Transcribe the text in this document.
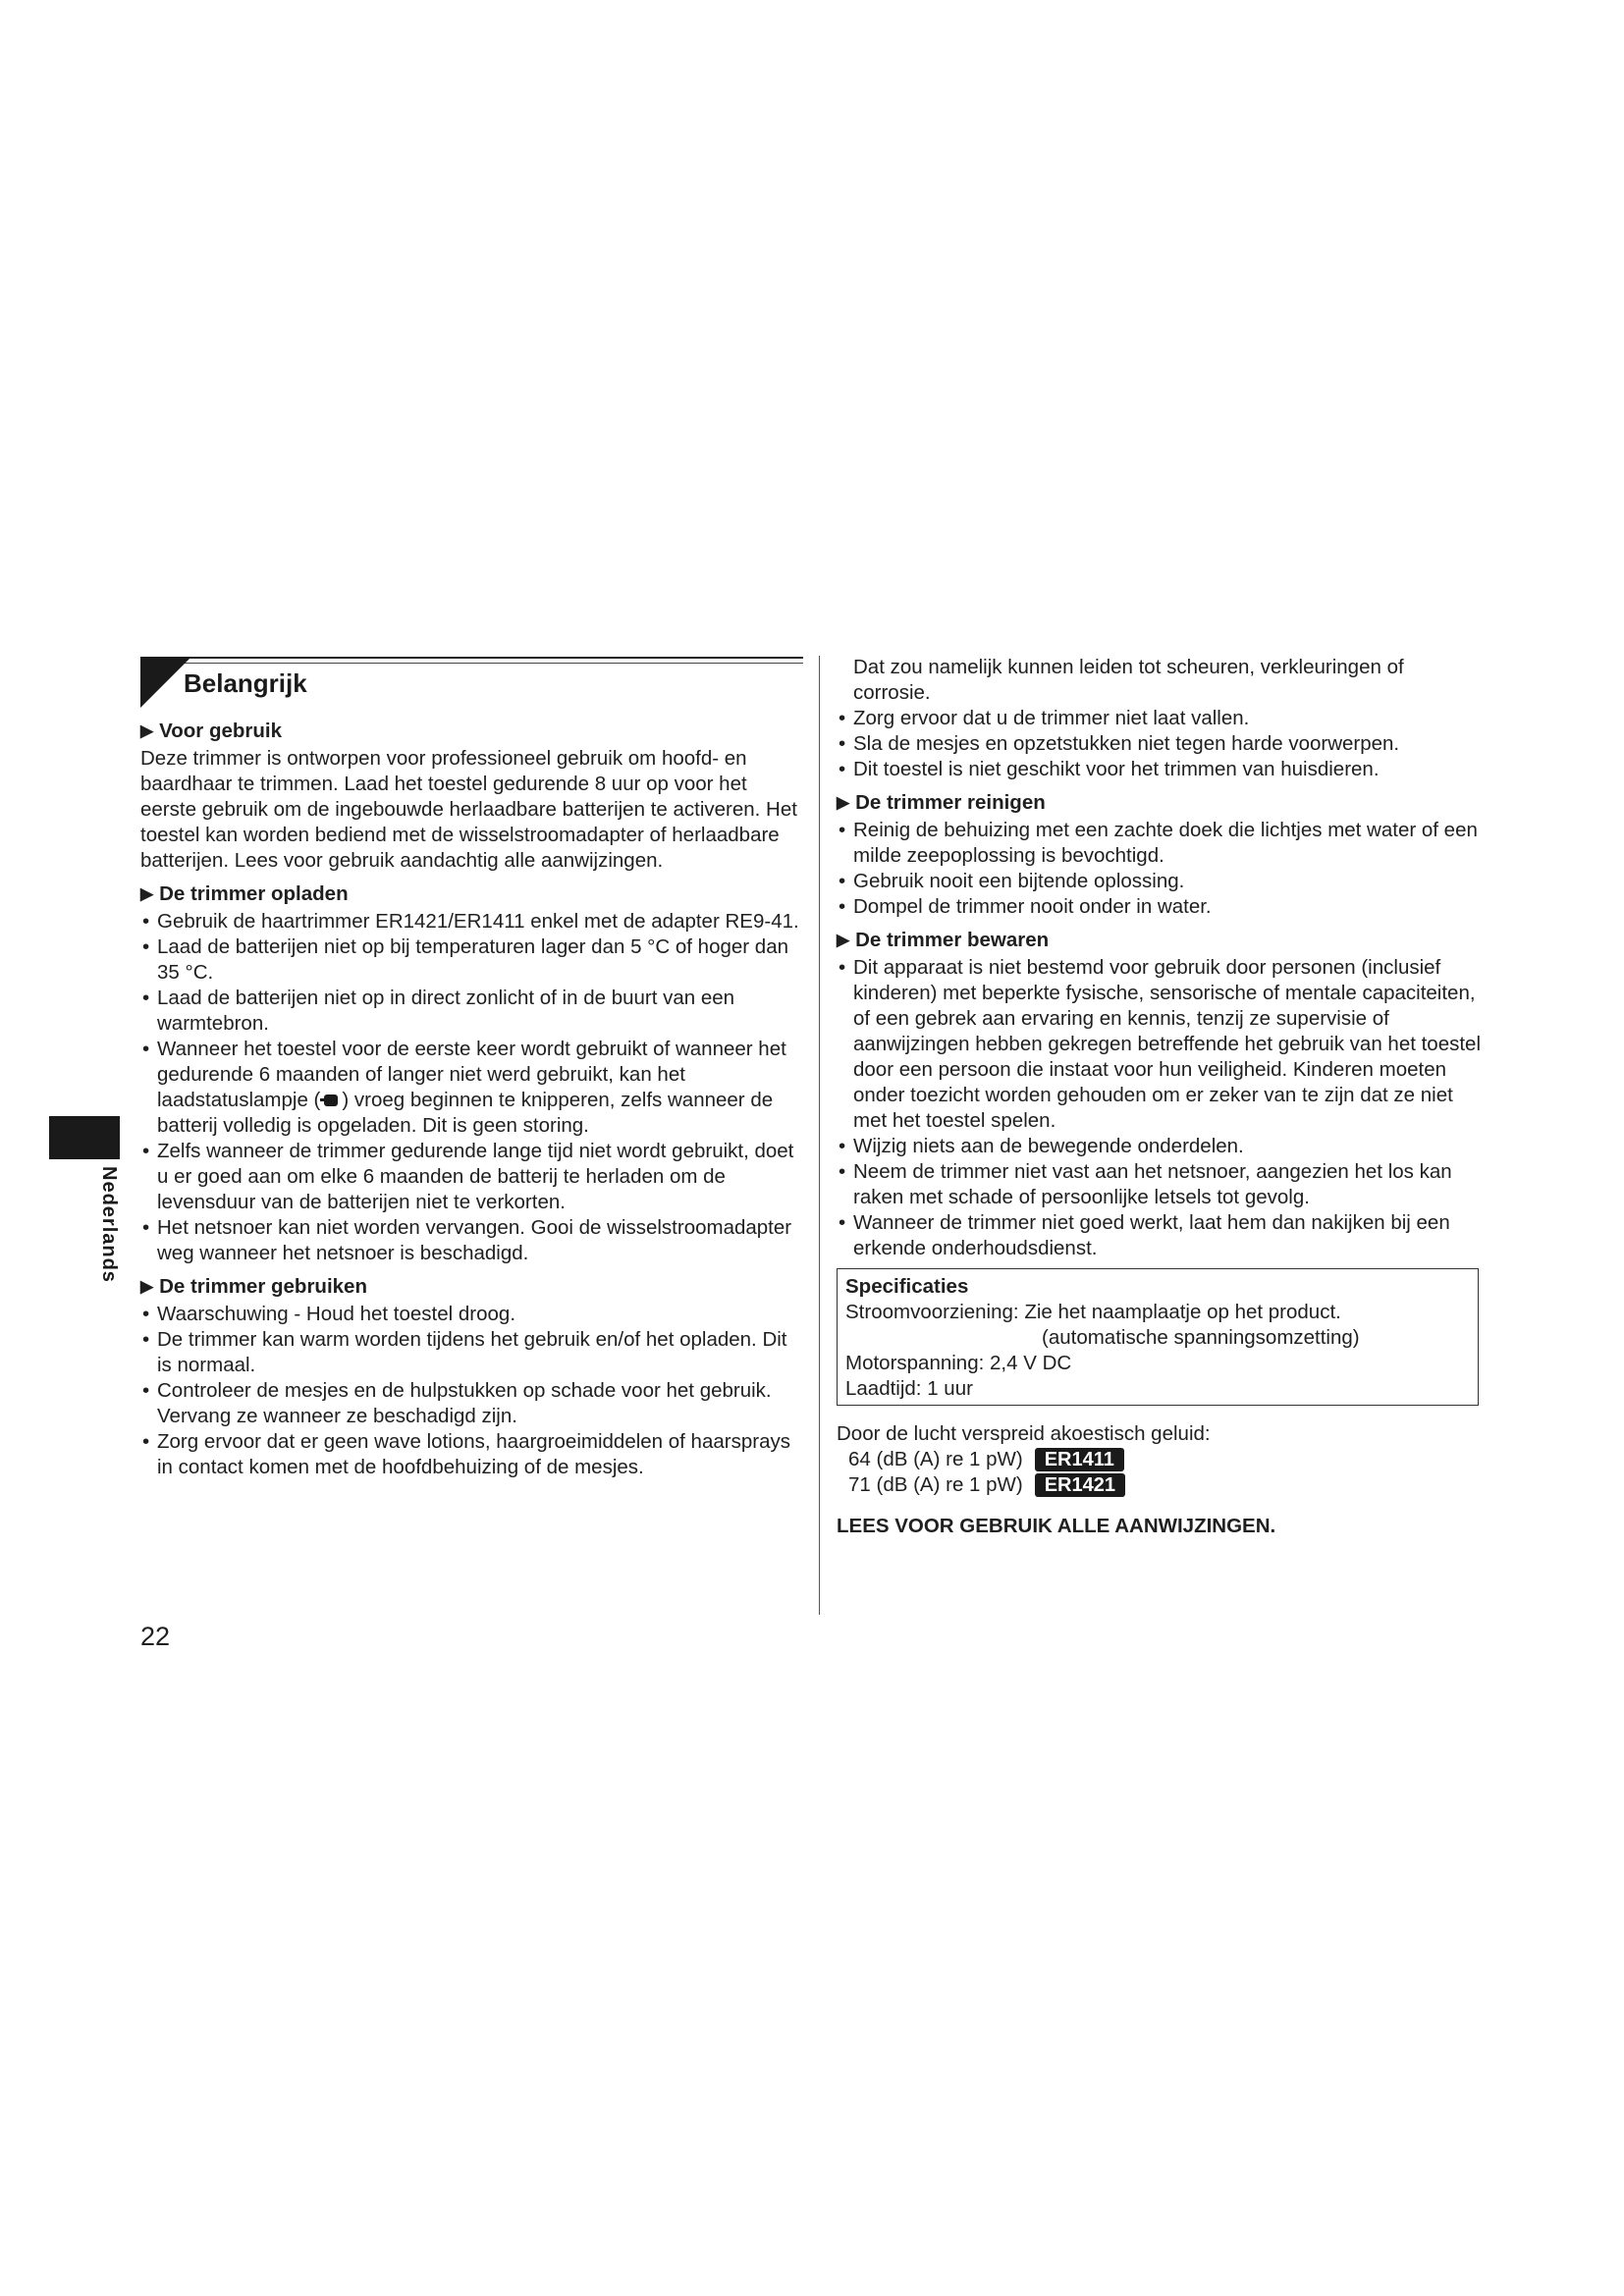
Belangrijk
Nederlands
▶ Voor gebruik

Deze trimmer is ontworpen voor professioneel gebruik om hoofd- en baardhaar te trimmen. Laad het toestel gedurende 8 uur op voor het eerste gebruik om de ingebouwde herlaadbare batterijen te activeren. Het toestel kan worden bediend met de wisselstroomadapter of herlaadbare batterijen. Lees voor gebruik aandachtig alle aanwijzingen.

▶ De trimmer opladen
• Gebruik de haartrimmer ER1421/ER1411 enkel met de adapter RE9-41.
• Laad de batterijen niet op bij temperaturen lager dan 5 °C of hoger dan 35 °C.
• Laad de batterijen niet op in direct zonlicht of in de buurt van een warmtebron.
• Wanneer het toestel voor de eerste keer wordt gebruikt of wanneer het gedurende 6 maanden of langer niet werd gebruikt, kan het laadstatuslampje ( ) vroeg beginnen te knipperen, zelfs wanneer de batterij volledig is opgeladen. Dit is geen storing.
• Zelfs wanneer de trimmer gedurende lange tijd niet wordt gebruikt, doet u er goed aan om elke 6 maanden de batterij te herladen om de levensduur van de batterijen niet te verkorten.
• Het netsnoer kan niet worden vervangen. Gooi de wisselstroomadapter weg wanneer het netsnoer is beschadigd.
▶ De trimmer gebruiken
• Waarschuwing - Houd het toestel droog.
• De trimmer kan warm worden tijdens het gebruik en/of het opladen. Dit is normaal.
• Controleer de mesjes en de hulpstukken op schade voor het gebruik. Vervang ze wanneer ze beschadigd zijn.
• Zorg ervoor dat er geen wave lotions, haargroeimiddelen of haarsprays in contact komen met de hoofdbehuizing of de mesjes.

Dat zou namelijk kunnen leiden tot scheuren, verkleuringen of corrosie.

• Zorg ervoor dat u de trimmer niet laat vallen.
• Sla de mesjes en opzetstukken niet tegen harde voorwerpen.
• Dit toestel is niet geschikt voor het trimmen van huisdieren.
▶ De trimmer reinigen
• Reinig de behuizing met een zachte doek die lichtjes met water of een milde zeepoplossing is bevochtigd.
• Gebruik nooit een bijtende oplossing.
• Dompel de trimmer nooit onder in water.
▶ De trimmer bewaren
• Dit apparaat is niet bestemd voor gebruik door personen (inclusief kinderen) met beperkte fysische, sensorische of mentale capaciteiten, of een gebrek aan ervaring en kennis, tenzij ze supervisie of aanwijzingen hebben gekregen betreffende het gebruik van het toestel door een persoon die instaat voor hun veiligheid. Kinderen moeten onder toezicht worden gehouden om er zeker van te zijn dat ze niet met het toestel spelen.
• Wijzig niets aan de bewegende onderdelen.
• Neem de trimmer niet vast aan het netsnoer, aangezien het los kan raken met schade of persoonlijke letsels tot gevolg.
• Wanneer de trimmer niet goed werkt, laat hem dan nakijken bij een erkende onderhoudsdienst.
Specificaties
Stroomvoorziening:
Zie het naamplaatje op het product.
(automatische spanningsomzetting)
Motorspanning: 2,4 V DC
Laadtijd: 1 uur
Door de lucht verspreid akoestisch geluid:
64 (dB (A) re 1 pW)	ER1411
71 (dB (A) re 1 pW)	ER1421
LEES VOOR GEBRUIK ALLE AANWIJZINGEN.
22
